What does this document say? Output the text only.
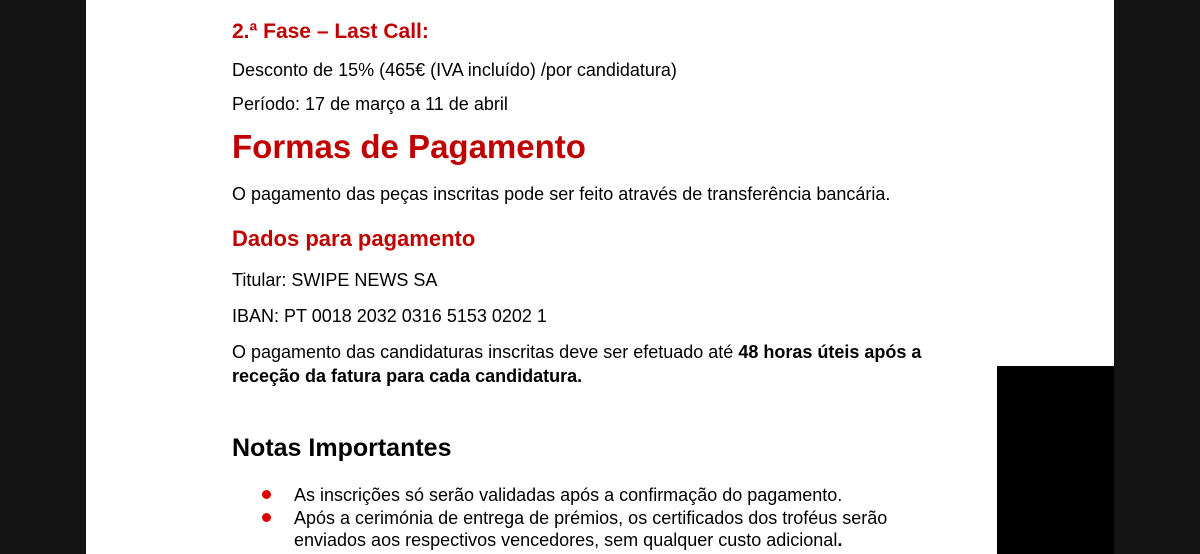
2.ª Fase – Last Call:
Desconto de 15% (465€ (IVA incluído) /por candidatura)
Período: 17 de março a 11 de abril
Formas de Pagamento
O pagamento das peças inscritas pode ser feito através de transferência bancária.
Dados para pagamento
Titular: SWIPE NEWS SA
IBAN: PT 0018 2032 0316 5153 0202 1
O pagamento das candidaturas inscritas deve ser efetuado até 48 horas úteis após a receção da fatura para cada candidatura.
Notas Importantes
As inscrições só serão validadas após a confirmação do pagamento.
Após a cerimónia de entrega de prémios, os certificados dos troféus serão enviados aos respectivos vencedores, sem qualquer custo adicional.
